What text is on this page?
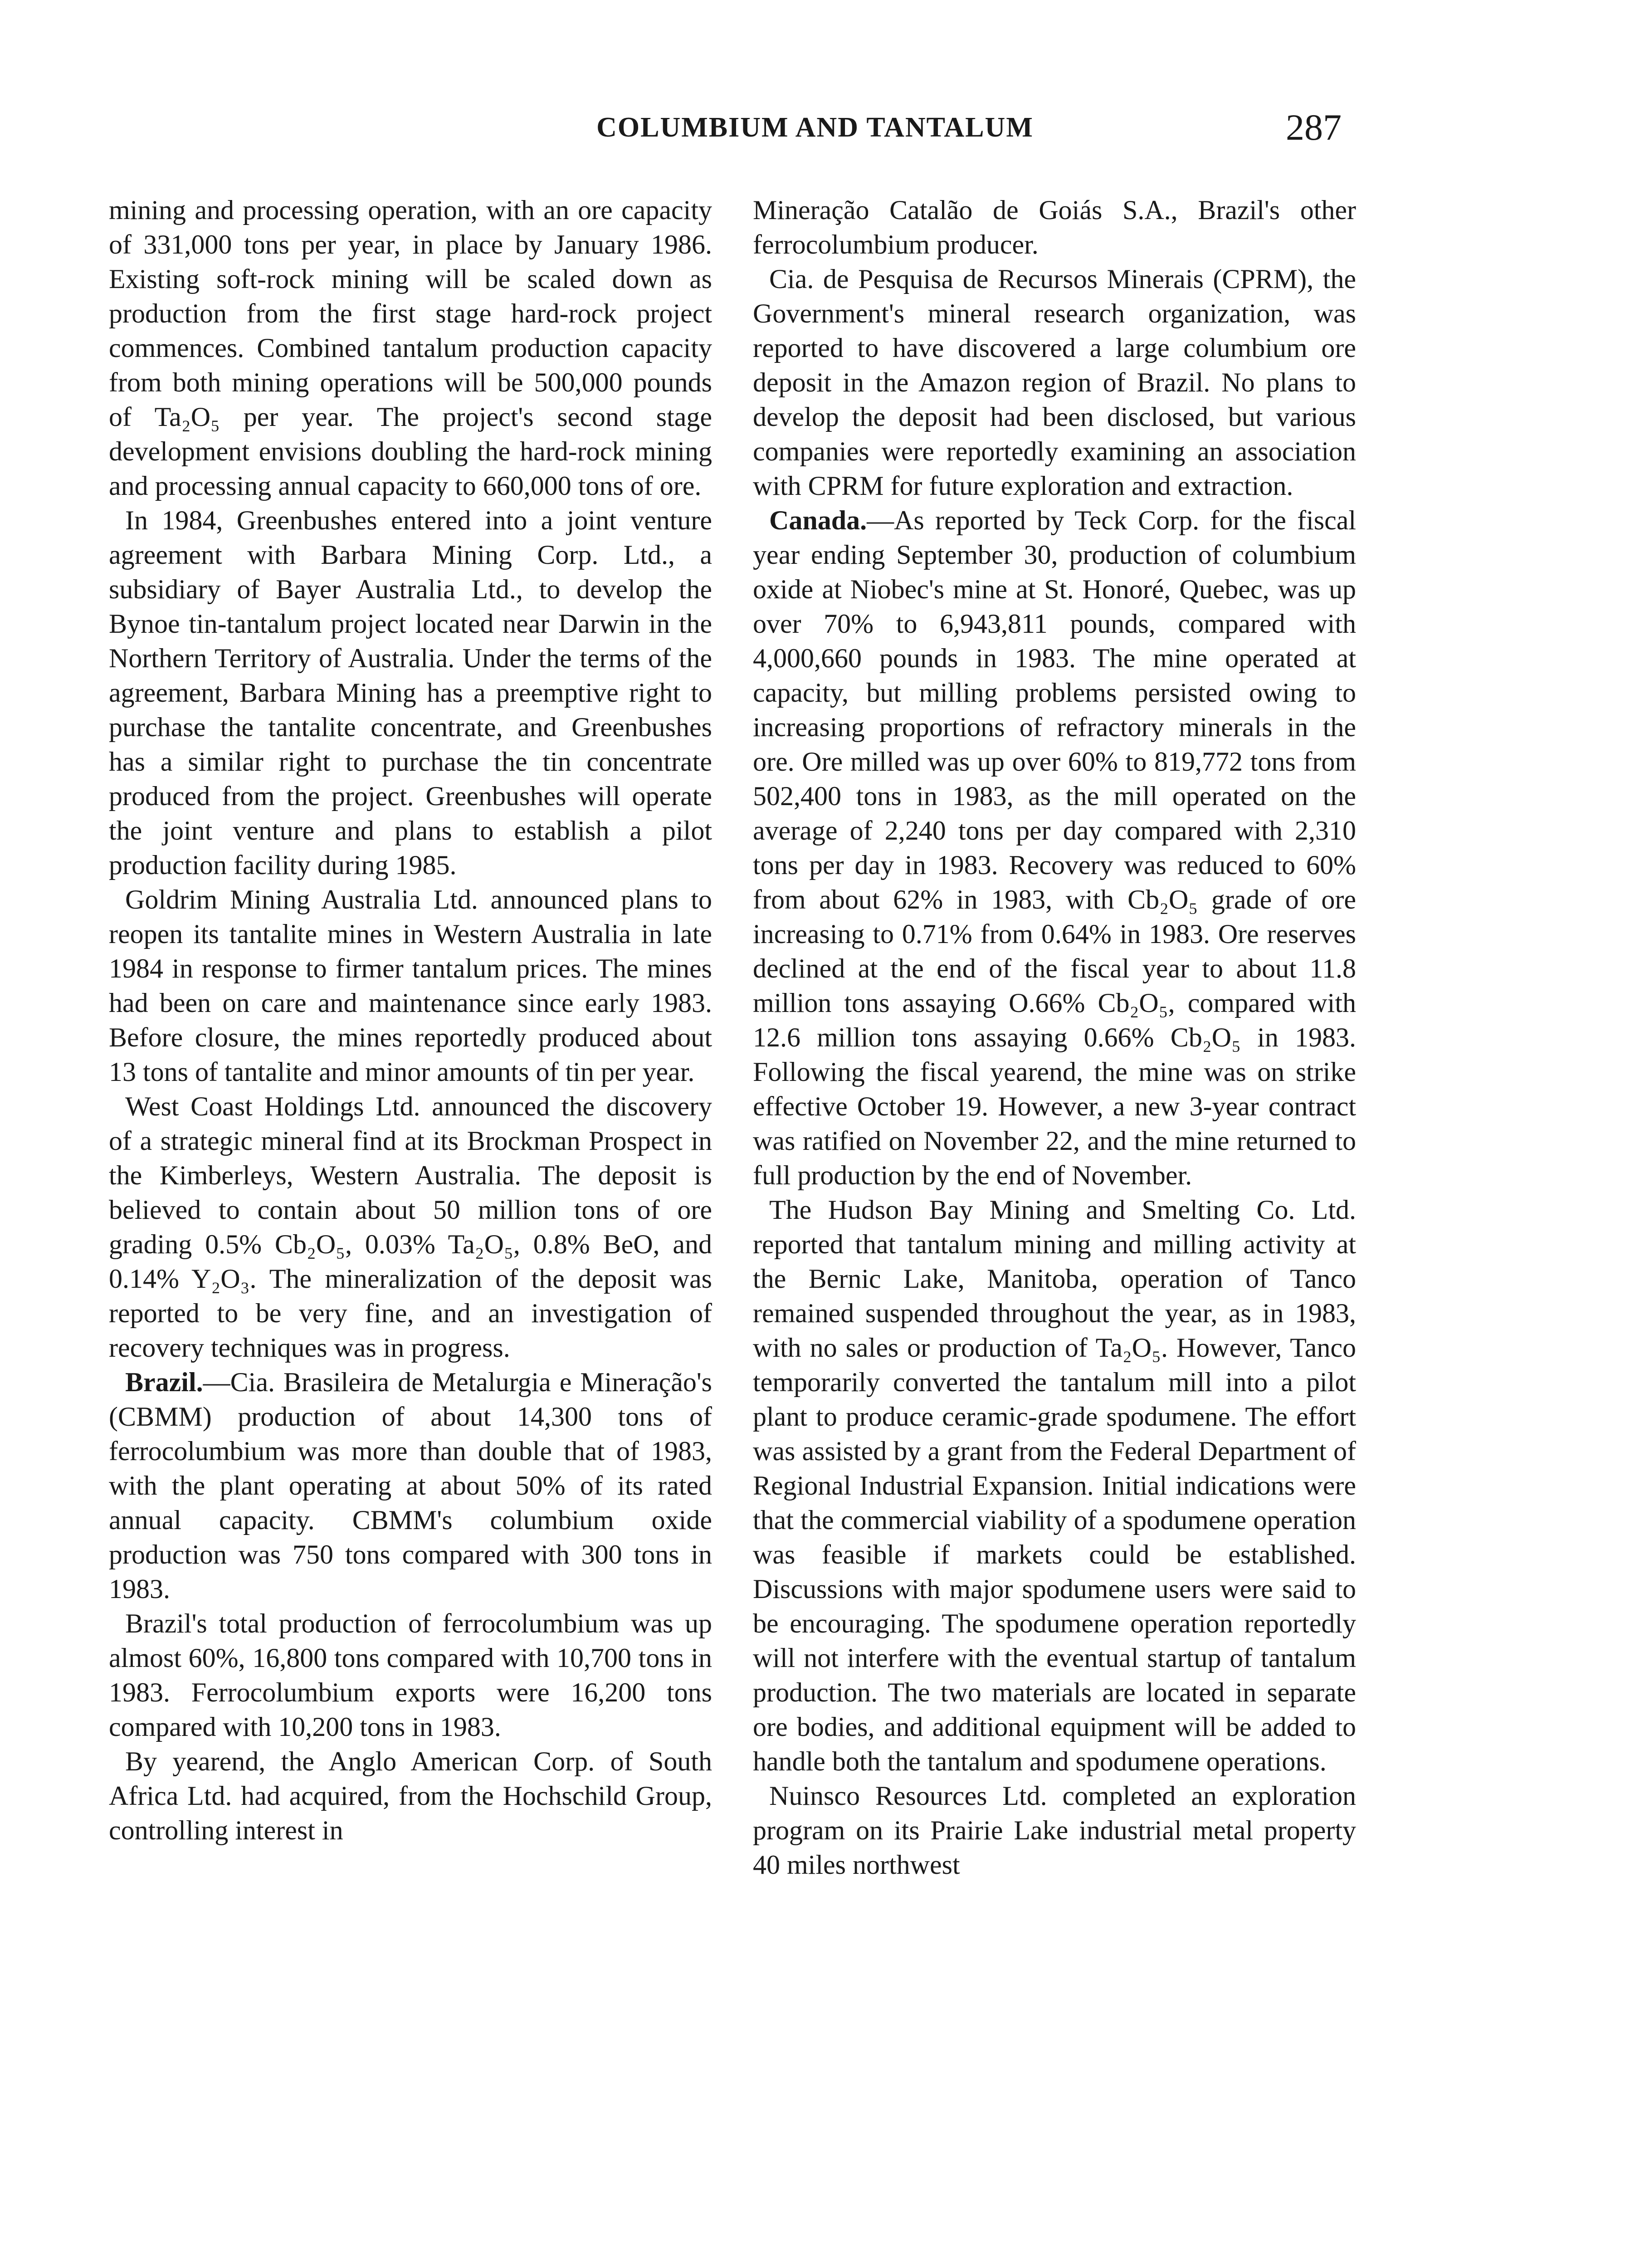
COLUMBIUM AND TANTALUM	287

mining and processing operation, with an ore capacity of 331,000 tons per year, in place by January 1986. Existing soft-rock mining will be scaled down as production from the first stage hard-rock project commences. Combined tantalum production capacity from both mining operations will be 500,000 pounds of Ta₂O₅ per year. The project's second stage development envisions doubling the hard-rock mining and processing annual capacity to 660,000 tons of ore.

In 1984, Greenbushes entered into a joint venture agreement with Barbara Mining Corp. Ltd., a subsidiary of Bayer Australia Ltd., to develop the Bynoe tin-tantalum project located near Darwin in the Northern Territory of Australia. Under the terms of the agreement, Barbara Mining has a preemptive right to purchase the tantalite concentrate, and Greenbushes has a similar right to purchase the tin concentrate produced from the project. Greenbushes will operate the joint venture and plans to establish a pilot production facility during 1985.

Goldrim Mining Australia Ltd. announced plans to reopen its tantalite mines in Western Australia in late 1984 in response to firmer tantalum prices. The mines had been on care and maintenance since early 1983. Before closure, the mines reportedly produced about 13 tons of tantalite and minor amounts of tin per year.

West Coast Holdings Ltd. announced the discovery of a strategic mineral find at its Brockman Prospect in the Kimberleys, Western Australia. The deposit is believed to contain about 50 million tons of ore grading 0.5% Cb₂O₅, 0.03% Ta₂O₅, 0.8% BeO, and 0.14% Y₂O₃. The mineralization of the deposit was reported to be very fine, and an investigation of recovery techniques was in progress.

Brazil.—Cia. Brasileira de Metalurgia e Mineração's (CBMM) production of about 14,300 tons of ferrocolumbium was more than double that of 1983, with the plant operating at about 50% of its rated annual capacity. CBMM's columbium oxide production was 750 tons compared with 300 tons in 1983.

Brazil's total production of ferrocolumbium was up almost 60%, 16,800 tons compared with 10,700 tons in 1983. Ferrocolumbium exports were 16,200 tons compared with 10,200 tons in 1983.

By yearend, the Anglo American Corp. of South Africa Ltd. had acquired, from the Hochschild Group, controlling interest in

Mineração Catalão de Goiás S.A., Brazil's other ferrocolumbium producer.

Cia. de Pesquisa de Recursos Minerais (CPRM), the Government's mineral research organization, was reported to have discovered a large columbium ore deposit in the Amazon region of Brazil. No plans to develop the deposit had been disclosed, but various companies were reportedly examining an association with CPRM for future exploration and extraction.

Canada.—As reported by Teck Corp. for the fiscal year ending September 30, production of columbium oxide at Niobec's mine at St. Honoré, Quebec, was up over 70% to 6,943,811 pounds, compared with 4,000,660 pounds in 1983. The mine operated at capacity, but milling problems persisted owing to increasing proportions of refractory minerals in the ore. Ore milled was up over 60% to 819,772 tons from 502,400 tons in 1983, as the mill operated on the average of 2,240 tons per day compared with 2,310 tons per day in 1983. Recovery was reduced to 60% from about 62% in 1983, with Cb₂O₅ grade of ore increasing to 0.71% from 0.64% in 1983. Ore reserves declined at the end of the fiscal year to about 11.8 million tons assaying O.66% Cb₂O₅, compared with 12.6 million tons assaying 0.66% Cb₂O₅ in 1983. Following the fiscal yearend, the mine was on strike effective October 19. However, a new 3-year contract was ratified on November 22, and the mine returned to full production by the end of November.

The Hudson Bay Mining and Smelting Co. Ltd. reported that tantalum mining and milling activity at the Bernic Lake, Manitoba, operation of Tanco remained suspended throughout the year, as in 1983, with no sales or production of Ta₂O₅. However, Tanco temporarily converted the tantalum mill into a pilot plant to produce ceramic-grade spodumene. The effort was assisted by a grant from the Federal Department of Regional Industrial Expansion. Initial indications were that the commercial viability of a spodumene operation was feasible if markets could be established. Discussions with major spodumene users were said to be encouraging. The spodumene operation reportedly will not interfere with the eventual startup of tantalum production. The two materials are located in separate ore bodies, and additional equipment will be added to handle both the tantalum and spodumene operations.

Nuinsco Resources Ltd. completed an exploration program on its Prairie Lake industrial metal property 40 miles northwest
